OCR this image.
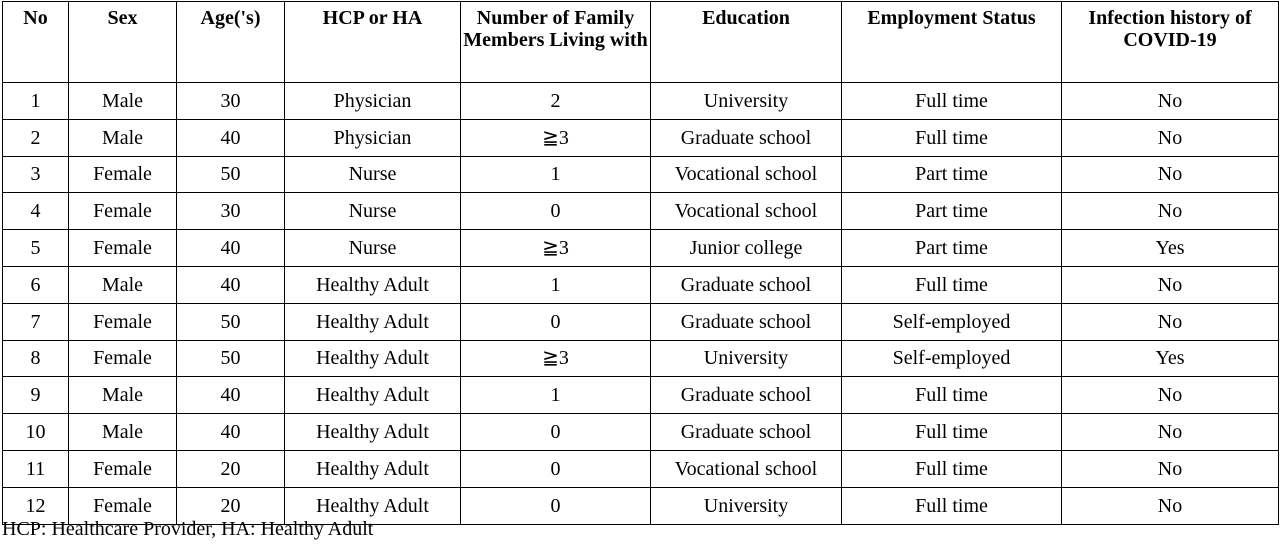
No	Sex	Age('s)	HCP or HA	Number of Family Members Living with	Education	Employment Status	Infection history of COVID-19
1	Male	30	Physician	2	University	Full time	No
2	Male	40	Physician	≧3	Graduate school	Full time	No
3	Female	50	Nurse	1	Vocational school	Part time	No
4	Female	30	Nurse	0	Vocational school	Part time	No
5	Female	40	Nurse	≧3	Junior college	Part time	Yes
6	Male	40	Healthy Adult	1	Graduate school	Full time	No
7	Female	50	Healthy Adult	0	Graduate school	Self-employed	No
8	Female	50	Healthy Adult	≧3	University	Self-employed	Yes
9	Male	40	Healthy Adult	1	Graduate school	Full time	No
10	Male	40	Healthy Adult	0	Graduate school	Full time	No
11	Female	20	Healthy Adult	0	Vocational school	Full time	No
12	Female	20	Healthy Adult	0	University	Full time	No
HCP: Healthcare Provider, HA: Healthy Adult
